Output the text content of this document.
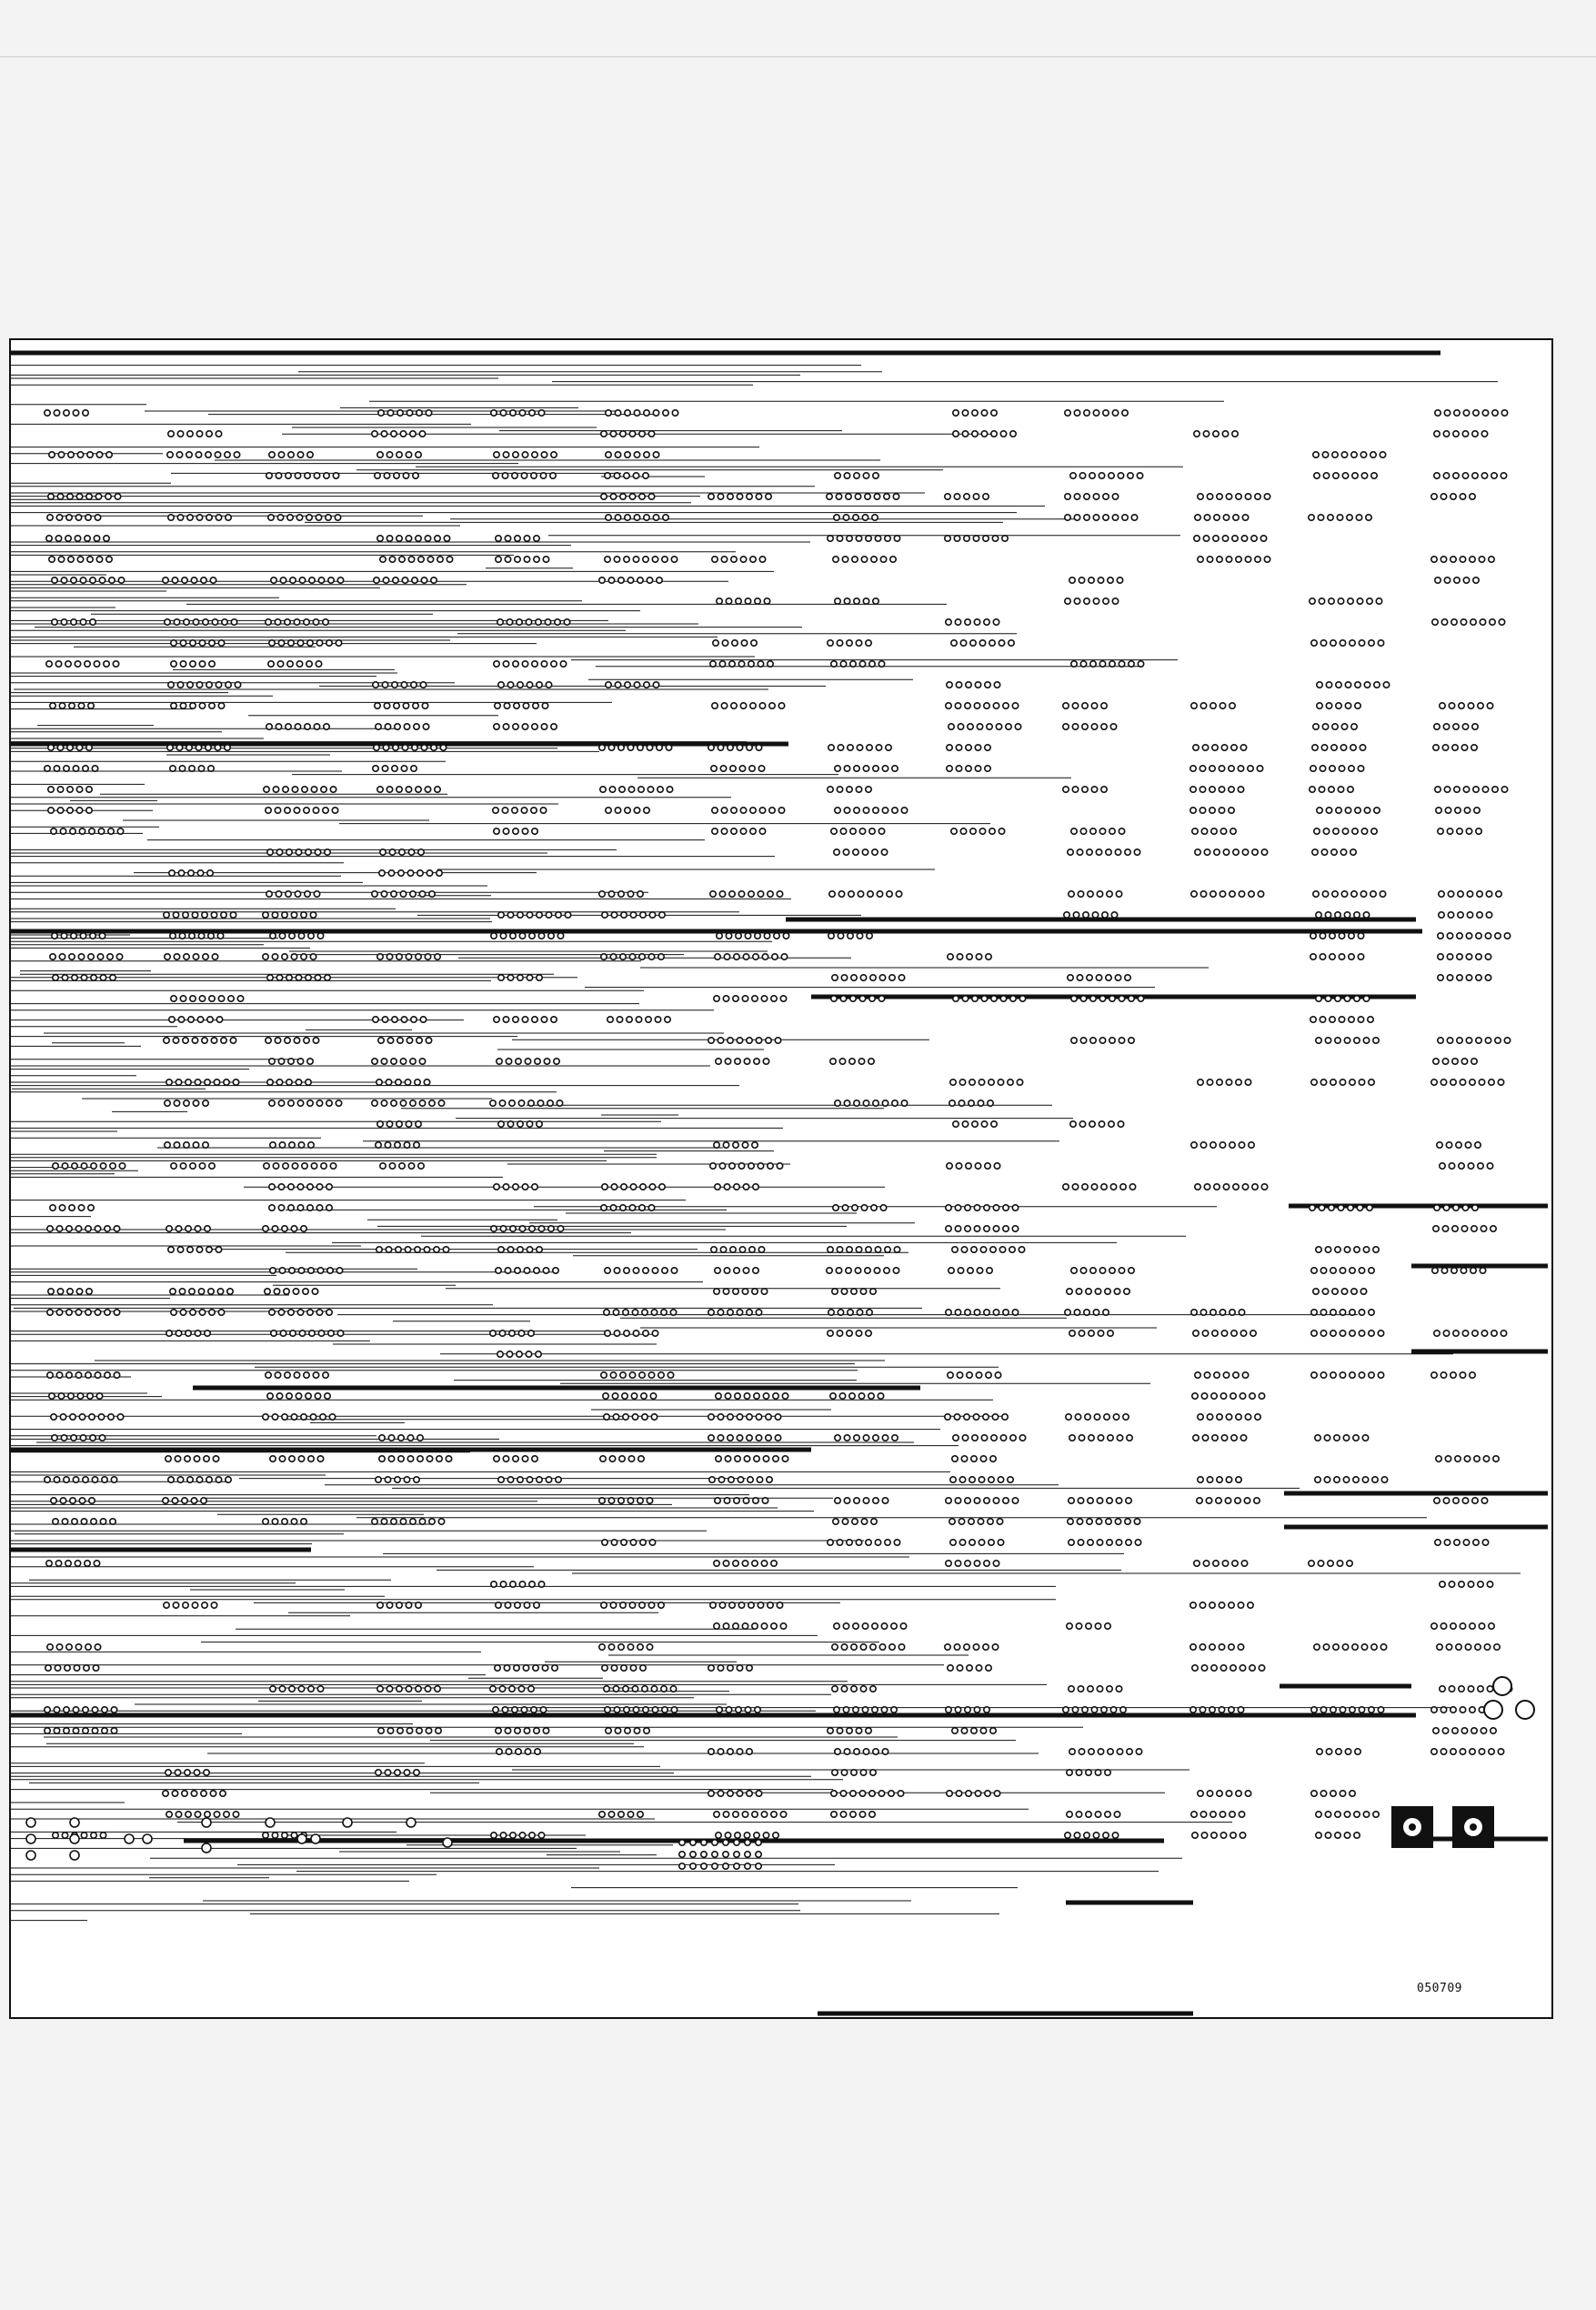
050709
